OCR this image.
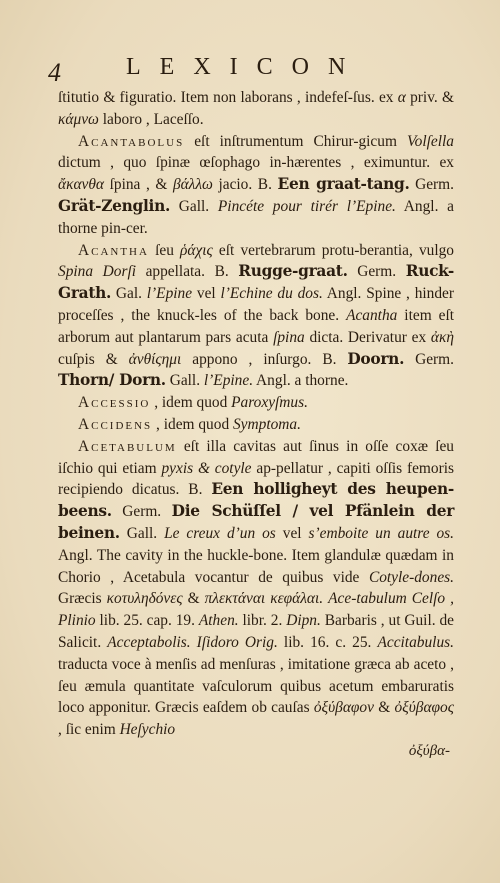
4	LEXICON

ſtitutio & figuratio. Item non laborans , indefeſ-ſus. ex α priv. & κάμνω laboro , Laceſſo.

Acantabolus eſt inſtrumentum Chirur-gicum Volſella dictum , quo ſpinæ œſophago in-hærentes , eximuntur. ex ἄκανθα ſpina , & βάλλω jacio. B. Een graat-tang. Germ. Grät-Zenglin. Gall. Pincéte pour tirér l’Epine. Angl. a thorne pin-cer.

Acantha ſeu ῥάχις eſt vertebrarum protu-berantia, vulgo Spina Dorſi appellata. B. Rugge-graat. Germ. Ruck-Grath. Gal. l’Epine vel l’Echine du dos. Angl. Spine , hinder proceſſes , the knuck-les of the back bone. Acantha item eſt arborum aut plantarum pars acuta ſpina dicta. Derivatur ex ἀκὴ cuſpis & ἀνθίςημι appono , inſurgo. B. Doorn. Germ. Thorn/ Dorn. Gall. l’Epine. Angl. a thorne.

Accessio , idem quod Paroxyſmus.

Accidens , idem quod Symptoma.

Acetabulum eſt illa cavitas aut ſinus in oſſe coxæ ſeu iſchio qui etiam pyxis & cotyle ap-pellatur , capiti oſſis femoris recipiendo dicatus. B. Een holligheyt des heupen-beens. Germ. Die Schüſſel / vel Pfänlein der beinen. Gall. Le creux d’un os vel s’emboite un autre os. Angl. The cavity in the huckle-bone. Item glandulæ quædam in Chorio , Acetabula vocantur de quibus vide Cotyle-dones. Græcis κοτυληδόνες & πλεκτάναι κεφάλαι. Ace-tabulum Celſo , Plinio lib. 25. cap. 19. Athen. libr. 2. Dipn. Barbaris , ut Guil. de Salicit. Acceptabolis. Iſidoro Orig. lib. 16. c. 25. Accitabulus. traducta voce à menſis ad menſuras , imitatione græca ab aceto , ſeu æmula quantitate vaſculorum quibus acetum embaruratis loco apponitur. Græcis eaſdem ob cauſas ὀξύβαφον & ὀξύβαφος , ſic enim Heſychio

ὀξύβα-
